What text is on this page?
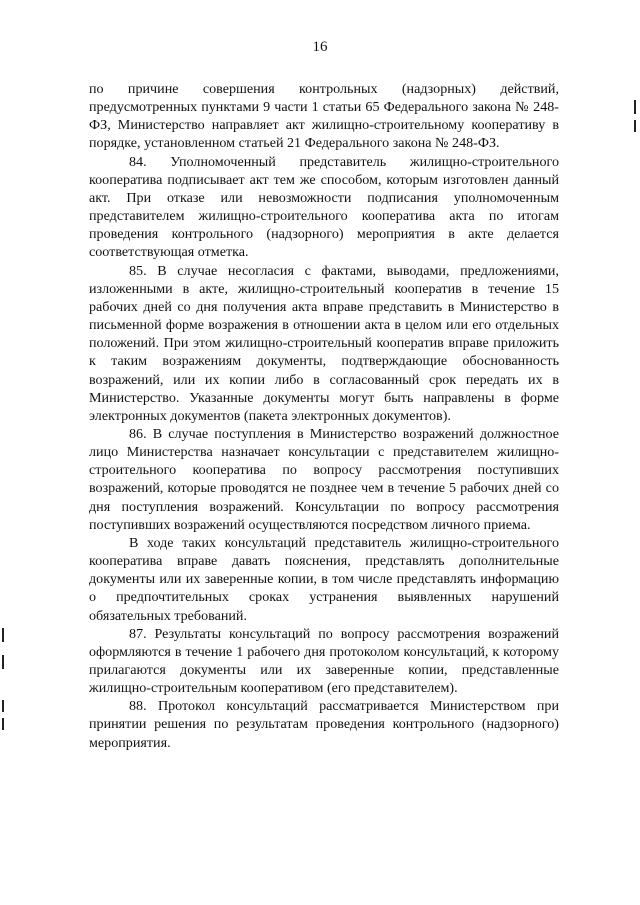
16

по причине совершения контрольных (надзорных) действий, предусмотренных пунктами 9 части 1 статьи 65 Федерального закона № 248-ФЗ, Министерство направляет акт жилищно-строительному кооперативу в порядке, установленном статьей 21 Федерального закона № 248-ФЗ.

84. Уполномоченный представитель жилищно-строительного кооператива подписывает акт тем же способом, которым изготовлен данный акт. При отказе или невозможности подписания уполномоченным представителем жилищно-строительного кооператива акта по итогам проведения контрольного (надзорного) мероприятия в акте делается соответствующая отметка.

85. В случае несогласия с фактами, выводами, предложениями, изложенными в акте, жилищно-строительный кооператив в течение 15 рабочих дней со дня получения акта вправе представить в Министерство в письменной форме возражения в отношении акта в целом или его отдельных положений. При этом жилищно-строительный кооператив вправе приложить к таким возражениям документы, подтверждающие обоснованность возражений, или их копии либо в согласованный срок передать их в Министерство. Указанные документы могут быть направлены в форме электронных документов (пакета электронных документов).

86. В случае поступления в Министерство возражений должностное лицо Министерства назначает консультации с представителем жилищно-строительного кооператива по вопросу рассмотрения поступивших возражений, которые проводятся не позднее чем в течение 5 рабочих дней со дня поступления возражений. Консультации по вопросу рассмотрения поступивших возражений осуществляются посредством личного приема.

В ходе таких консультаций представитель жилищно-строительного кооператива вправе давать пояснения, представлять дополнительные документы или их заверенные копии, в том числе представлять информацию о предпочтительных сроках устранения выявленных нарушений обязательных требований.

87. Результаты консультаций по вопросу рассмотрения возражений оформляются в течение 1 рабочего дня протоколом консультаций, к которому прилагаются документы или их заверенные копии, представленные жилищно-строительным кооперативом (его представителем).

88. Протокол консультаций рассматривается Министерством при принятии решения по результатам проведения контрольного (надзорного) мероприятия.
